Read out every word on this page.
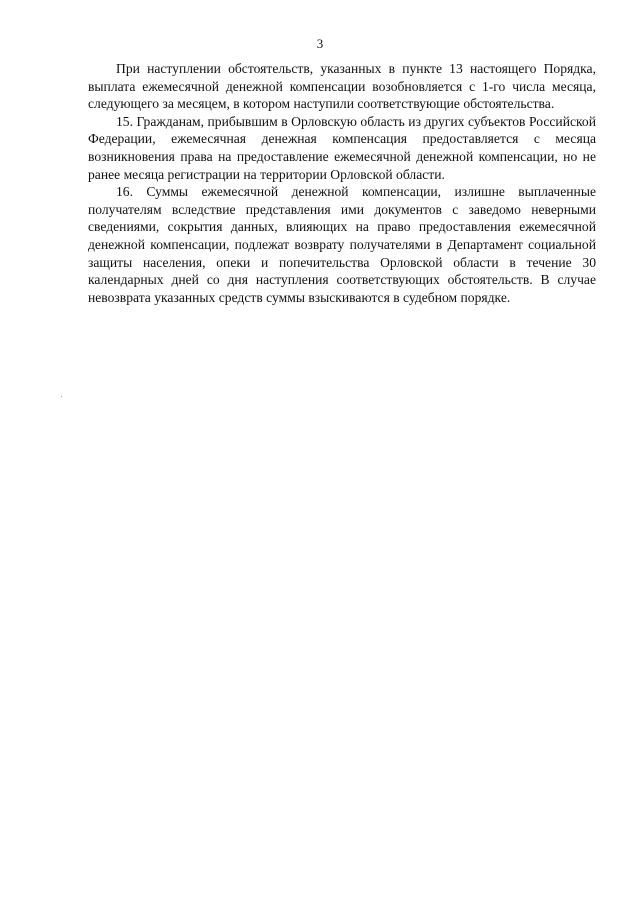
3

При наступлении обстоятельств, указанных в пункте 13 настоящего Порядка, выплата ежемесячной денежной компенсации возобновляется с 1-го числа месяца, следующего за месяцем, в котором наступили соответствующие обстоятельства.

15. Гражданам, прибывшим в Орловскую область из других субъектов Российской Федерации, ежемесячная денежная компенсация предоставляется с месяца возникновения права на предоставление ежемесячной денежной компенсации, но не ранее месяца регистрации на территории Орловской области.

16. Суммы ежемесячной денежной компенсации, излишне выплаченные получателям вследствие представления ими документов с заведомо неверными сведениями, сокрытия данных, влияющих на право предоставления ежемесячной денежной компенсации, подлежат возврату получателями в Департамент социальной защиты населения, опеки и попечительства Орловской области в течение 30 календарных дней со дня наступления соответствующих обстоятельств. В случае невозврата указанных средств суммы взыскиваются в судебном порядке.
